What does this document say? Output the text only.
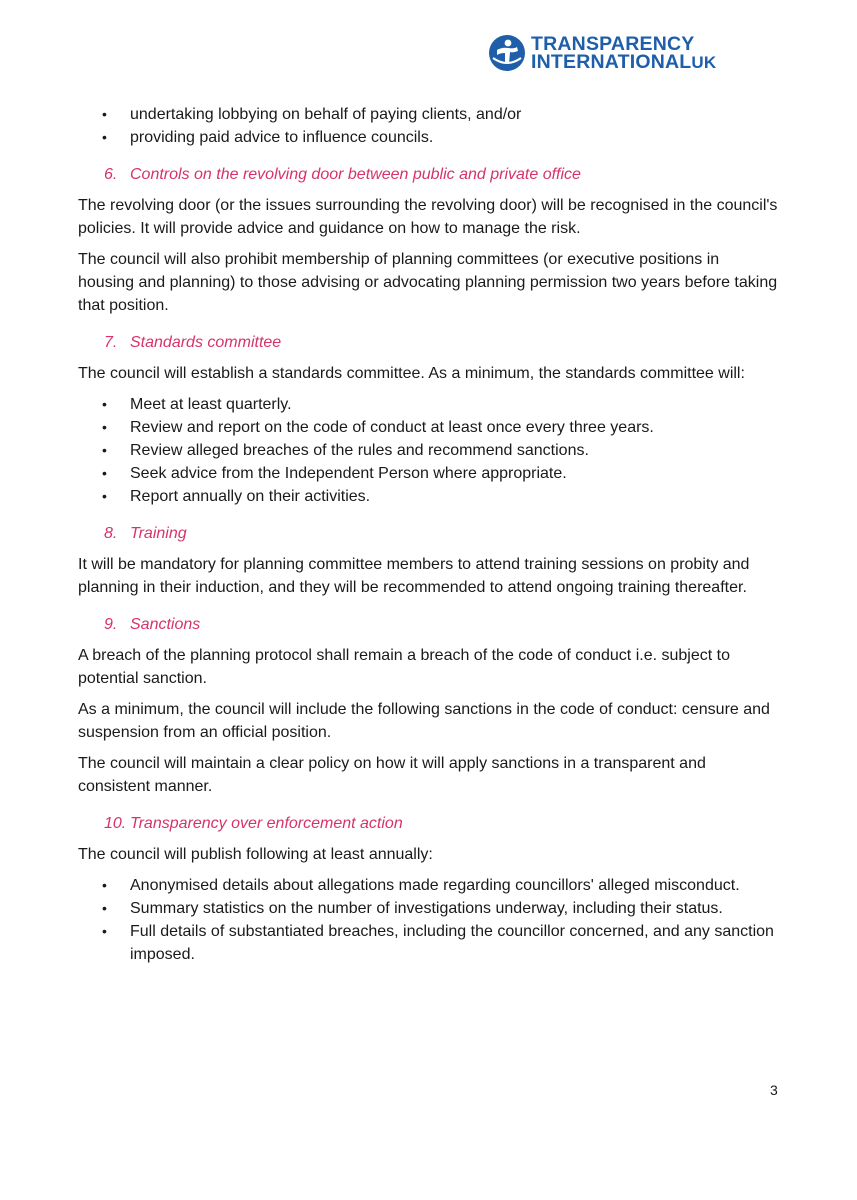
TRANSPARENCY
INTERNATIONALUK
• undertaking lobbying on behalf of paying clients, and/or
• providing paid advice to influence councils.
6. Controls on the revolving door between public and private office

The revolving door (or the issues surrounding the revolving door) will be recognised in the council's policies. It will provide advice and guidance on how to manage the risk.

The council will also prohibit membership of planning committees (or executive positions in housing and planning) to those advising or advocating planning permission two years before taking that position.

7. Standards committee

The council will establish a standards committee. As a minimum, the standards committee will:

• Meet at least quarterly.
• Review and report on the code of conduct at least once every three years.
• Review alleged breaches of the rules and recommend sanctions.
• Seek advice from the Independent Person where appropriate.
• Report annually on their activities.
8. Training

It will be mandatory for planning committee members to attend training sessions on probity and planning in their induction, and they will be recommended to attend ongoing training thereafter.

9. Sanctions

A breach of the planning protocol shall remain a breach of the code of conduct i.e. subject to potential sanction.

As a minimum, the council will include the following sanctions in the code of conduct: censure and suspension from an official position.

The council will maintain a clear policy on how it will apply sanctions in a transparent and consistent manner.

10. Transparency over enforcement action

The council will publish following at least annually:

• Anonymised details about allegations made regarding councillors' alleged misconduct.
• Summary statistics on the number of investigations underway, including their status.
• Full details of substantiated breaches, including the councillor concerned, and any sanction imposed.
3
